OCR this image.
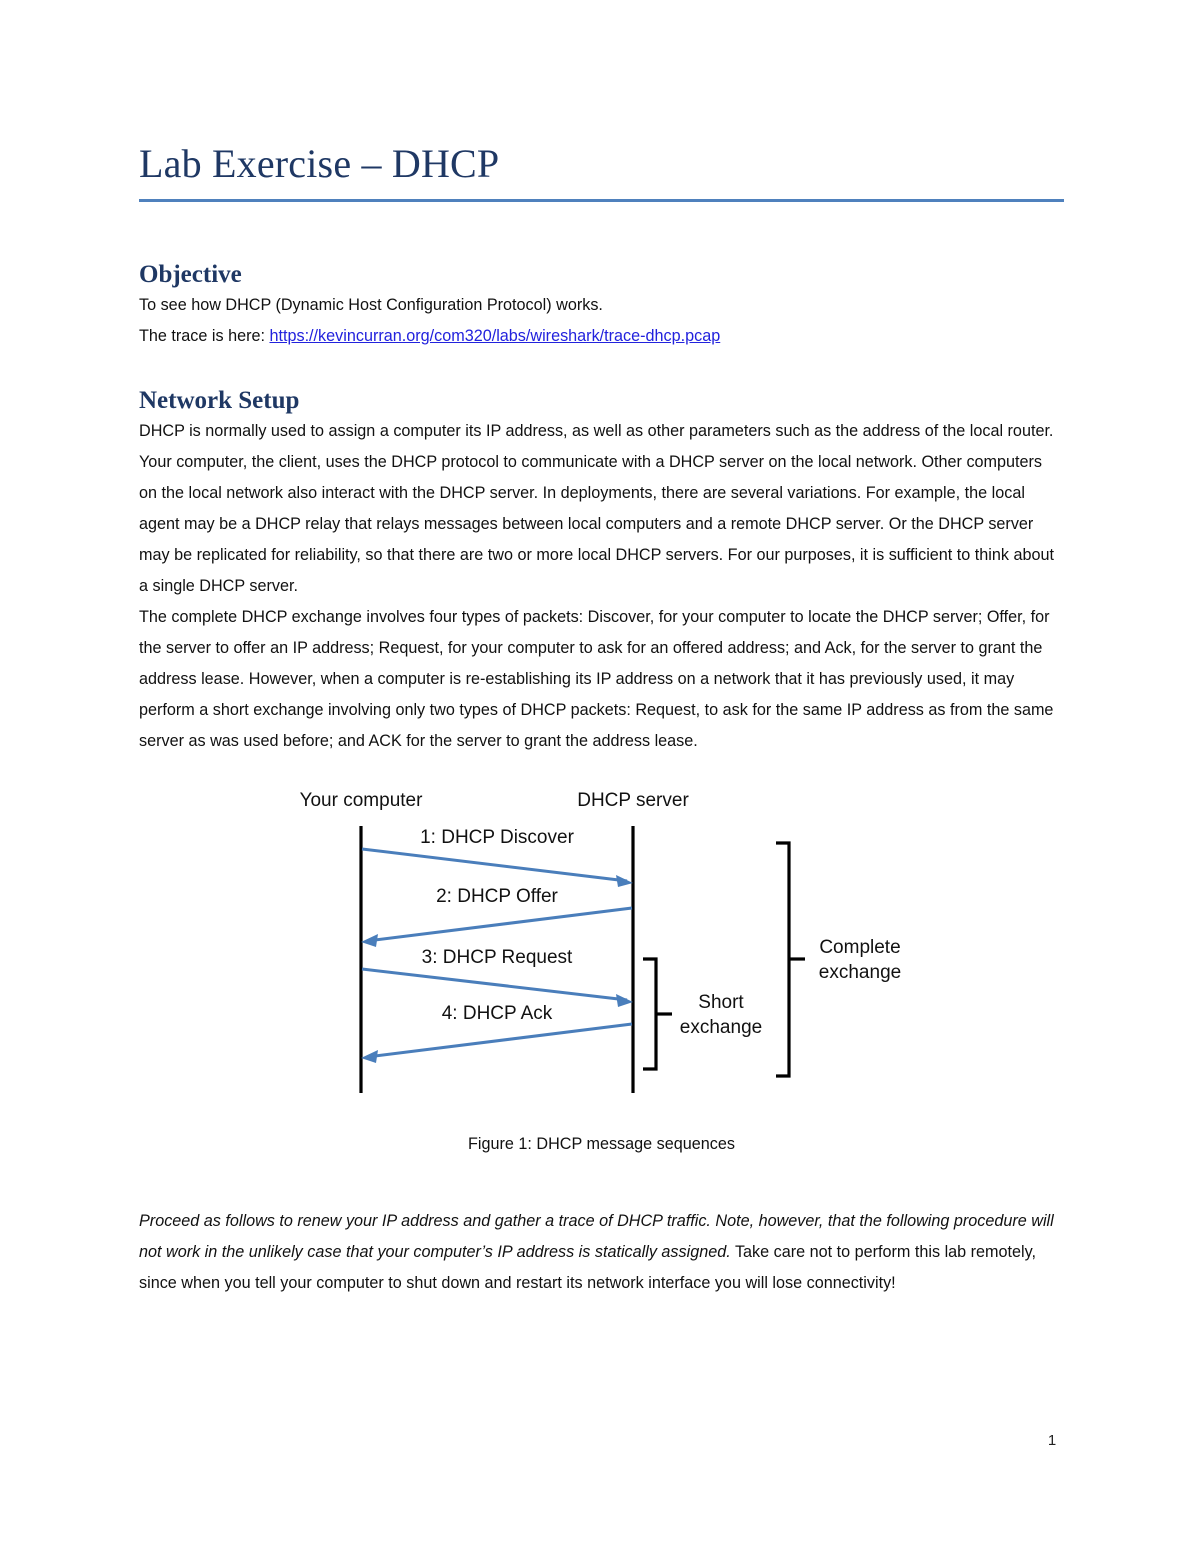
Lab Exercise – DHCP
Objective

To see how DHCP (Dynamic Host Configuration Protocol) works.

The trace is here: https://kevincurran.org/com320/labs/wireshark/trace-dhcp.pcap

Network Setup

DHCP is normally used to assign a computer its IP address, as well as other parameters such as the address of the local router. Your computer, the client, uses the DHCP protocol to communicate with a DHCP server on the local network. Other computers on the local network also interact with the DHCP server. In deployments, there are several variations. For example, the local agent may be a DHCP relay that relays messages between local computers and a remote DHCP server. Or the DHCP server may be replicated for reliability, so that there are two or more local DHCP servers. For our purposes, it is sufficient to think about a single DHCP server.

The complete DHCP exchange involves four types of packets: Discover, for your computer to locate the DHCP server; Offer, for the server to offer an IP address; Request, for your computer to ask for an offered address; and Ack, for the server to grant the address lease. However, when a computer is re-establishing its IP address on a network that it has previously used, it may perform a short exchange involving only two types of DHCP packets: Request, to ask for the same IP address as from the same server as was used before; and ACK for the server to grant the address lease.

Your computer	DHCP server
1: DHCP Discover
2: DHCP Offer
3: DHCP Request
4: DHCP Ack
Short
exchange
Complete
exchange
Figure 1: DHCP message sequences

Proceed as follows to renew your IP address and gather a trace of DHCP traffic. Note, however, that the following procedure will not work in the unlikely case that your computer’s IP address is statically assigned. Take care not to perform this lab remotely, since when you tell your computer to shut down and restart its network interface you will lose connectivity!

1
